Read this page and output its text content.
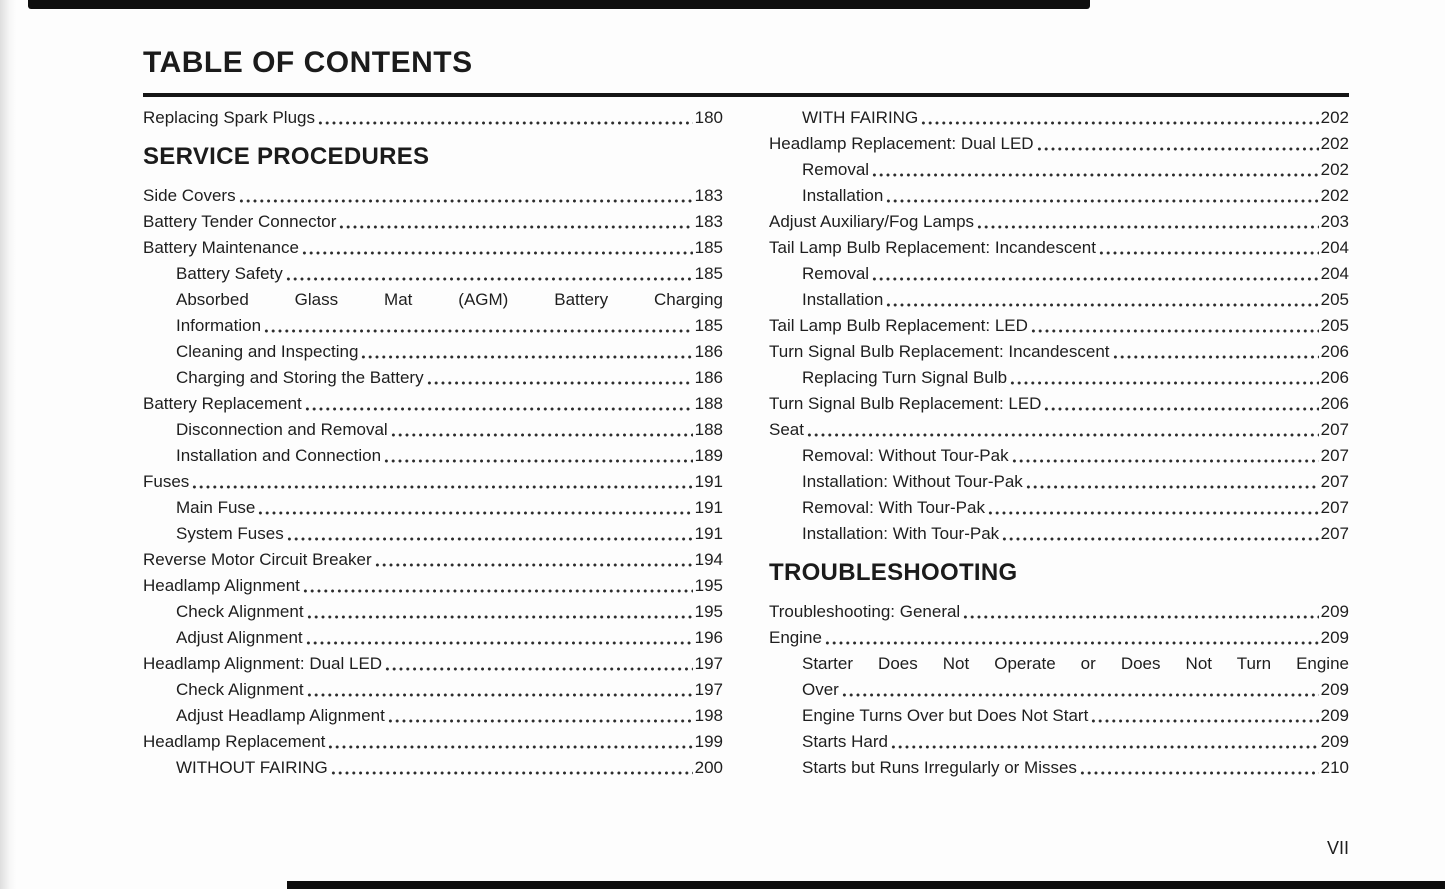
TABLE OF CONTENTS
Replacing Spark Plugs	180
SERVICE PROCEDURES
Side Covers	183
Battery Tender Connector	183
Battery Maintenance	185
Battery Safety	185
Absorbed Glass Mat (AGM) Battery Charging
Information	185
Cleaning and Inspecting	186
Charging and Storing the Battery	186
Battery Replacement	188
Disconnection and Removal	188
Installation and Connection	189
Fuses	191
Main Fuse	191
System Fuses	191
Reverse Motor Circuit Breaker	194
Headlamp Alignment	195
Check Alignment	195
Adjust Alignment	196
Headlamp Alignment: Dual LED	197
Check Alignment	197
Adjust Headlamp Alignment	198
Headlamp Replacement	199
WITHOUT FAIRING	200
WITH FAIRING	202
Headlamp Replacement: Dual LED	202
Removal	202
Installation	202
Adjust Auxiliary/Fog Lamps	203
Tail Lamp Bulb Replacement: Incandescent	204
Removal	204
Installation	205
Tail Lamp Bulb Replacement: LED	205
Turn Signal Bulb Replacement: Incandescent	206
Replacing Turn Signal Bulb	206
Turn Signal Bulb Replacement: LED	206
Seat	207
Removal: Without Tour-Pak	207
Installation: Without Tour-Pak	207
Removal: With Tour-Pak	207
Installation: With Tour-Pak	207
TROUBLESHOOTING
Troubleshooting: General	209
Engine	209
Starter Does Not Operate or Does Not Turn Engine
Over	209
Engine Turns Over but Does Not Start	209
Starts Hard	209
Starts but Runs Irregularly or Misses	210
VII
